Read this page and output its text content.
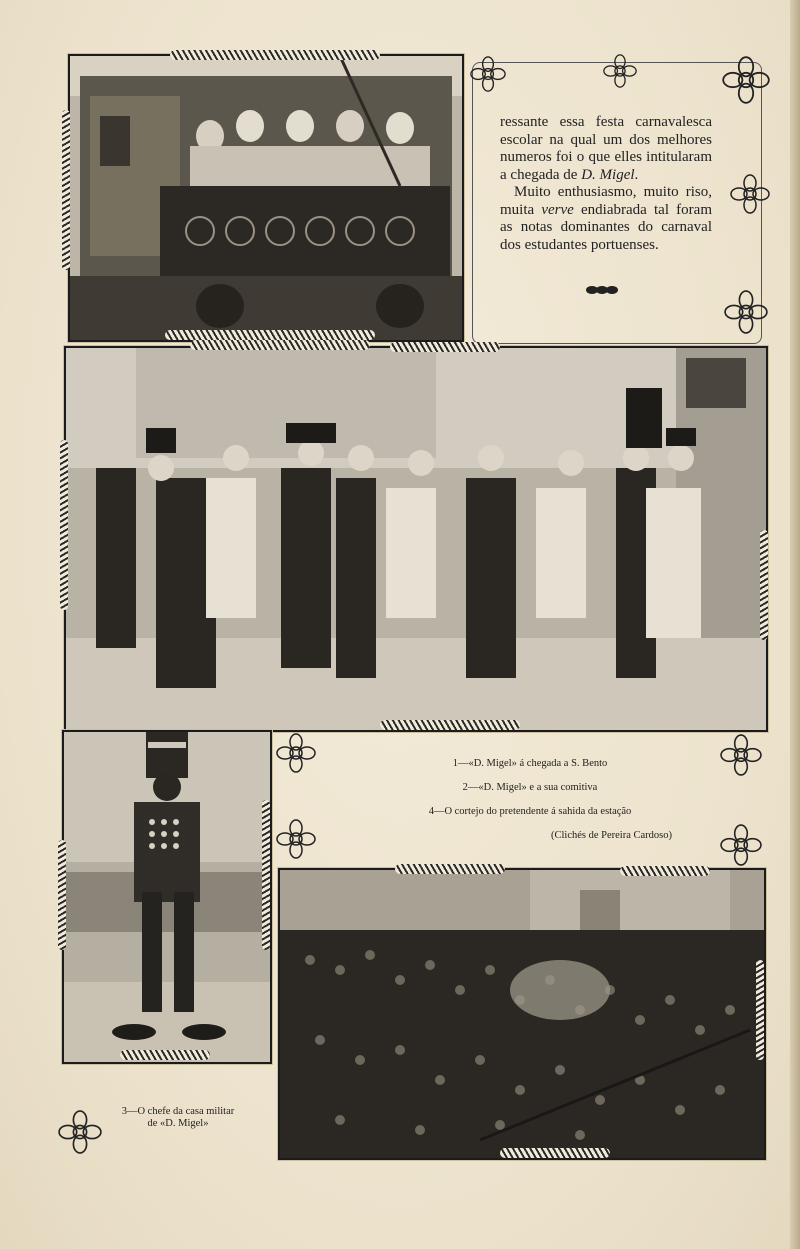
ressante essa festa carnavalesca escolar na qual um dos melhores numeros foi o que elles intitularam a chegada de D. Migel.

Muito enthusiasmo, muito riso, muita verve endiabrada tal foram as notas dominantes do carnaval dos estudantes portuenses.

1—«D. Migel» á chegada a S. Bento
2—«D. Migel» e a sua comitiva
4—O cortejo do pretendente á sahida da estação
(Clichés de Pereira Cardoso)
3—O chefe da casa militar
de «D. Migel»
